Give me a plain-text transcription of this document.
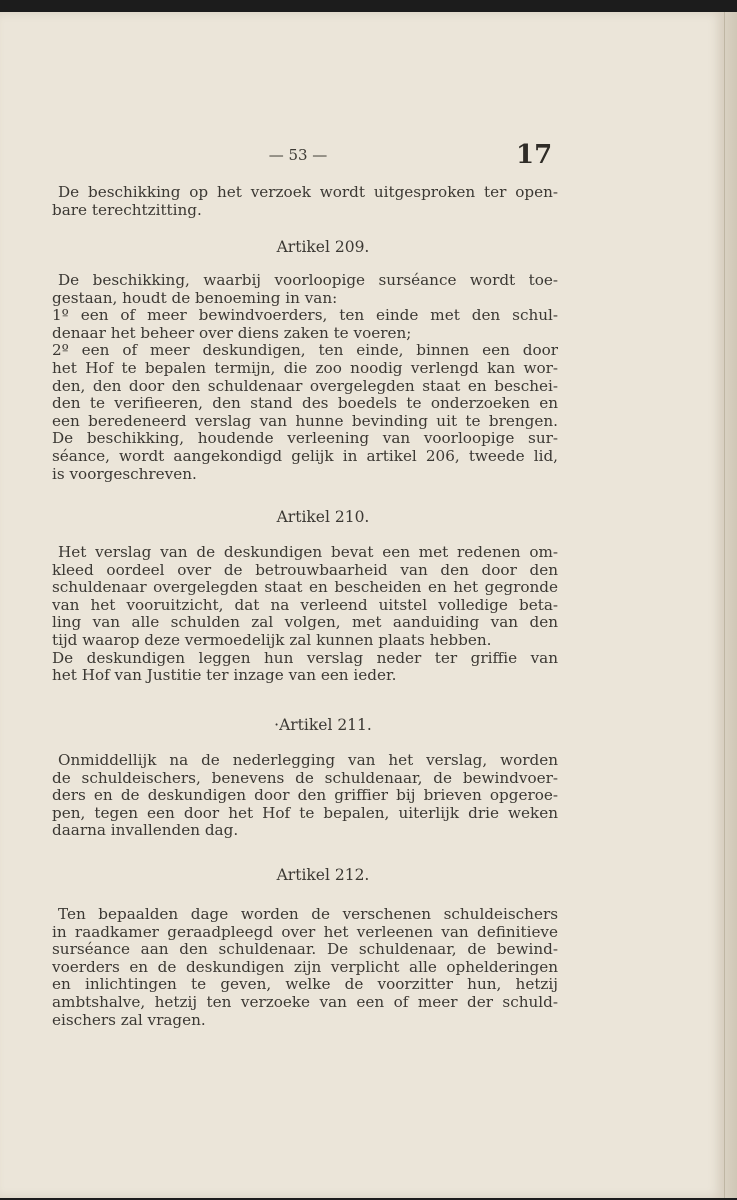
— 53 —	17
De beschikking op het verzoek wordt uitgesproken ter open-
bare terechtzitting.
Artikel 209.
De beschikking, waarbij voorloopige surséance wordt toe-
gestaan, houdt de benoeming in van:
1º een of meer bewindvoerders, ten einde met den schul-
denaar het beheer over diens zaken te voeren;
2º een of meer deskundigen, ten einde, binnen een door
het Hof te bepalen termijn, die zoo noodig verlengd kan wor-
den, den door den schuldenaar overgelegden staat en beschei-
den te verifieeren, den stand des boedels te onderzoeken en
een beredeneerd verslag van hunne bevinding uit te brengen.
De beschikking, houdende verleening van voorloopige sur-
séance, wordt aangekondigd gelijk in artikel 206, tweede lid,
is voorgeschreven.
Artikel 210.
Het verslag van de deskundigen bevat een met redenen om-
kleed oordeel over de betrouwbaarheid van den door den
schuldenaar overgelegden staat en bescheiden en het gegronde
van het vooruitzicht, dat na verleend uitstel volledige beta-
ling van alle schulden zal volgen, met aanduiding van den
tijd waarop deze vermoedelijk zal kunnen plaats hebben.
De deskundigen leggen hun verslag neder ter griffie van
het Hof van Justitie ter inzage van een ieder.
·Artikel 211.
Onmiddellijk na de nederlegging van het verslag, worden
de schuldeischers, benevens de schuldenaar, de bewindvoer-
ders en de deskundigen door den griffier bij brieven opgeroe-
pen, tegen een door het Hof te bepalen, uiterlijk drie weken
daarna invallenden dag.
Artikel 212.
Ten bepaalden dage worden de verschenen schuldeischers
in raadkamer geraadpleegd over het verleenen van definitieve
surséance aan den schuldenaar. De schuldenaar, de bewind-
voerders en de deskundigen zijn verplicht alle ophelderingen
en inlichtingen te geven, welke de voorzitter hun, hetzij
ambtshalve, hetzij ten verzoeke van een of meer der schuld-
eischers zal vragen.
